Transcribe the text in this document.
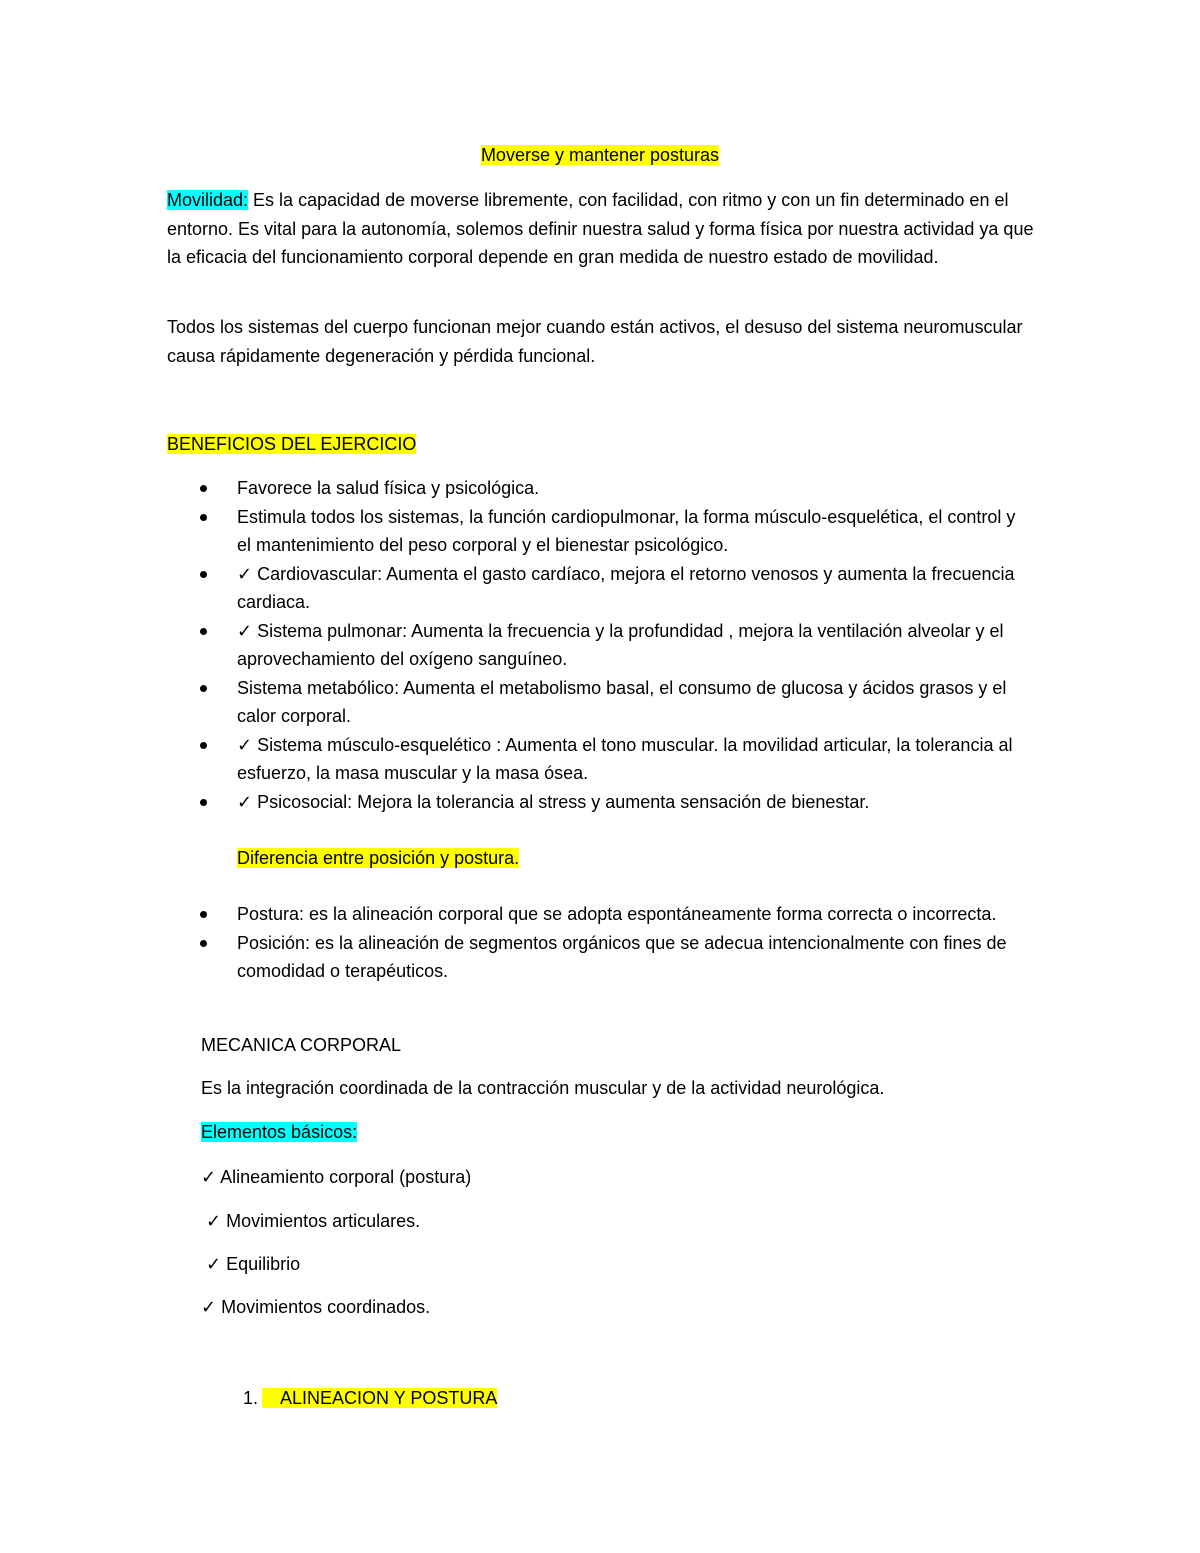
Moverse y mantener posturas

Movilidad: Es la capacidad de moverse libremente, con facilidad, con ritmo y con un fin determinado en el entorno. Es vital para la autonomía, solemos definir nuestra salud y forma física por nuestra actividad ya que la eficacia del funcionamiento corporal depende en gran medida de nuestro estado de movilidad.

Todos los sistemas del cuerpo funcionan mejor cuando están activos, el desuso del sistema neuromuscular causa rápidamente degeneración y pérdida funcional.

BENEFICIOS DEL EJERCICIO

Favorece la salud física y psicológica.
Estimula todos los sistemas, la función cardiopulmonar, la forma músculo-esquelética, el control y el mantenimiento del peso corporal y el bienestar psicológico.
✓ Cardiovascular: Aumenta el gasto cardíaco, mejora el retorno venosos y aumenta la frecuencia cardiaca.
✓ Sistema pulmonar: Aumenta la frecuencia y la profundidad , mejora la ventilación alveolar y el aprovechamiento del oxígeno sanguíneo.
Sistema metabólico: Aumenta el metabolismo basal, el consumo de glucosa y ácidos grasos y el calor corporal.
✓ Sistema músculo-esquelético : Aumenta el tono muscular. la movilidad articular, la tolerancia al esfuerzo, la masa muscular y la masa ósea.
✓ Psicosocial: Mejora la tolerancia al stress y aumenta sensación de bienestar.

Diferencia entre posición y postura.

Postura: es la alineación corporal que se adopta espontáneamente forma correcta o incorrecta.
Posición: es la alineación de segmentos orgánicos que se adecua intencionalmente con fines de comodidad o terapéuticos.

MECANICA CORPORAL

Es la integración coordinada de la contracción muscular y de la actividad neurológica.

Elementos básicos:

✓ Alineamiento corporal (postura)

✓ Movimientos articulares.

✓ Equilibrio

✓ Movimientos coordinados.

1. ALINEACION Y POSTURA
